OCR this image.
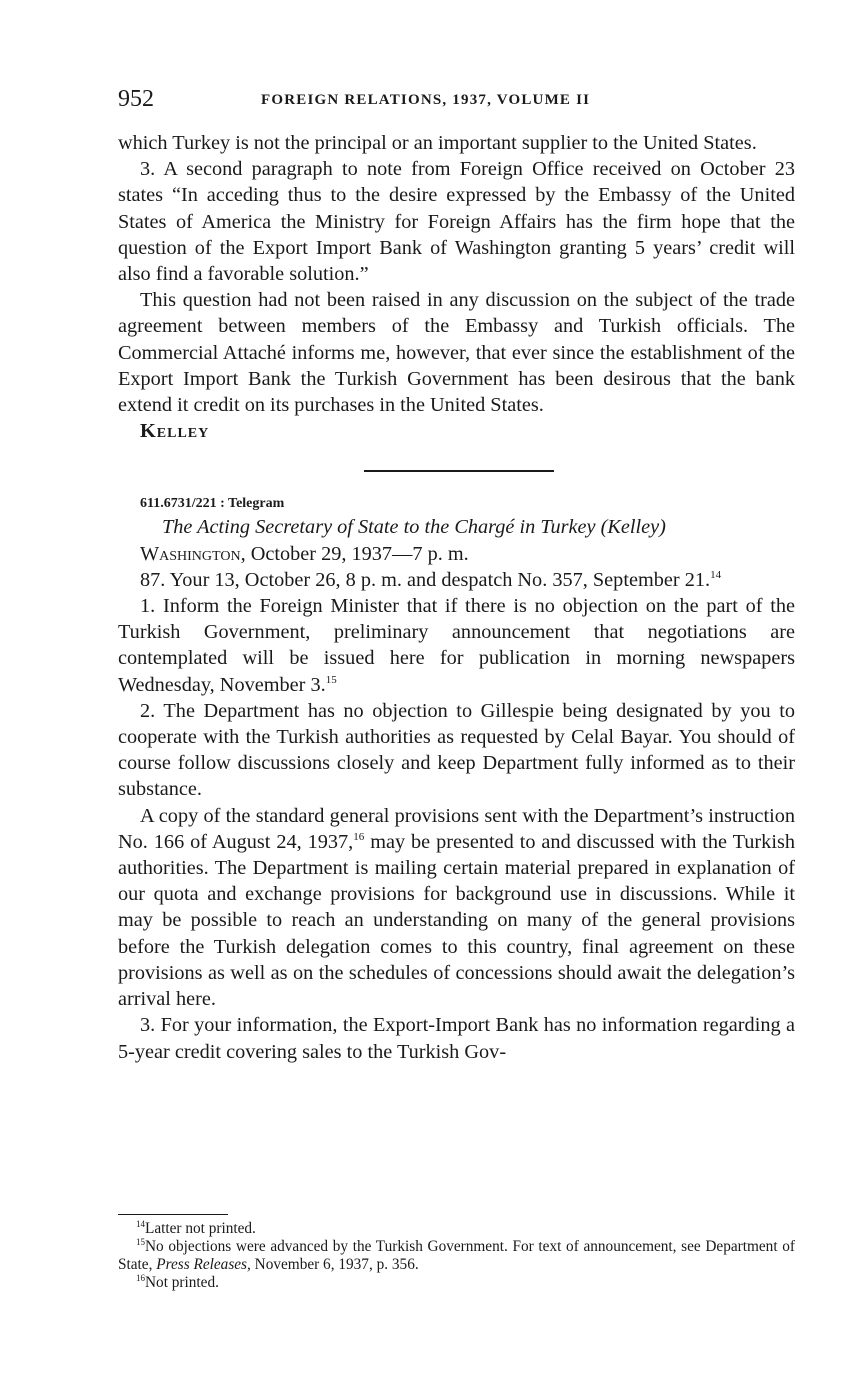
952	FOREIGN RELATIONS, 1937, VOLUME II

which Turkey is not the principal or an important supplier to the United States.

3. A second paragraph to note from Foreign Office received on October 23 states “In acceding thus to the desire expressed by the Embassy of the United States of America the Ministry for Foreign Affairs has the firm hope that the question of the Export Import Bank of Washington granting 5 years’ credit will also find a favorable solution.”

This question had not been raised in any discussion on the subject of the trade agreement between members of the Embassy and Turkish officials. The Commercial Attaché informs me, however, that ever since the establishment of the Export Import Bank the Turkish Government has been desirous that the bank extend it credit on its purchases in the United States.

Kelley

611.6731/221 : Telegram

The Acting Secretary of State to the Chargé in Turkey (Kelley)

Washington, October 29, 1937—7 p. m.

87. Your 13, October 26, 8 p. m. and despatch No. 357, September 21.14

1. Inform the Foreign Minister that if there is no objection on the part of the Turkish Government, preliminary announcement that negotiations are contemplated will be issued here for publication in morning newspapers Wednesday, November 3.15

2. The Department has no objection to Gillespie being designated by you to cooperate with the Turkish authorities as requested by Celal Bayar. You should of course follow discussions closely and keep Department fully informed as to their substance.

A copy of the standard general provisions sent with the Department’s instruction No. 166 of August 24, 1937,16 may be presented to and discussed with the Turkish authorities. The Department is mailing certain material prepared in explanation of our quota and exchange provisions for background use in discussions. While it may be possible to reach an understanding on many of the general provisions before the Turkish delegation comes to this country, final agreement on these provisions as well as on the schedules of concessions should await the delegation’s arrival here.

3. For your information, the Export-Import Bank has no information regarding a 5-year credit covering sales to the Turkish Gov-

$^{14}$Latter not printed.

$^{15}$No objections were advanced by the Turkish Government. For text of announcement, see Department of State, Press Releases, November 6, 1937, p. 356.

$^{16}$Not printed.
